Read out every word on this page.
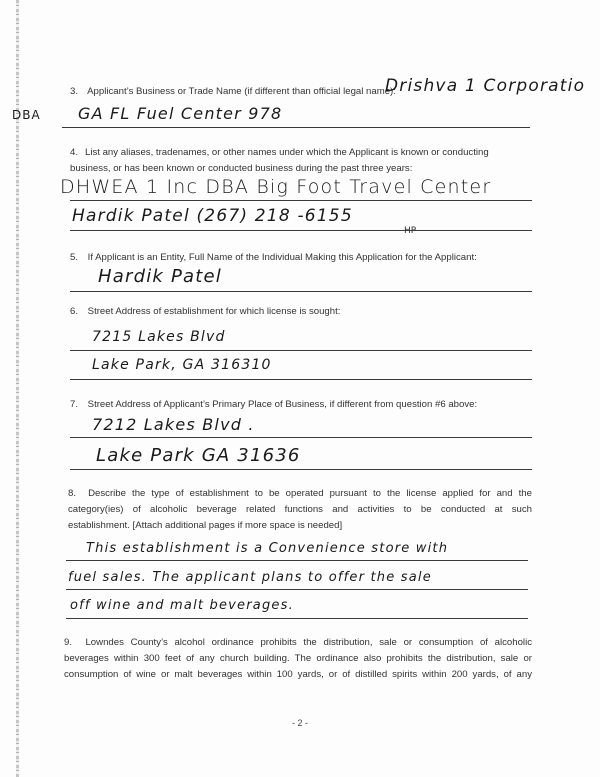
3. Applicant’s Business or Trade Name (if different than official legal name):
Drishva 1 Corporatio
DBA GA FL Fuel Center 978
4. List any aliases, tradenames, or other names under which the Applicant is known or conducting
business, or has been known or conducted business during the past three years:
DHWEA 1 Inc DBA Big Foot Travel Center
Hardik Patel (267) 218 -6155
HP
5. If Applicant is an Entity, Full Name of the Individual Making this Application for the Applicant:
Hardik Patel
6. Street Address of establishment for which license is sought:
7215 Lakes Blvd
Lake Park, GA 316310
7. Street Address of Applicant’s Primary Place of Business, if different from question #6 above:
7212 Lakes Blvd .
Lake Park GA 31636
8. Describe the type of establishment to be operated pursuant to the license applied for and the
category(ies) of alcoholic beverage related functions and activities to be conducted at such
establishment. [Attach additional pages if more space is needed]
This establishment is a Convenience store with
fuel sales. The applicant plans to offer the sale
off wine and malt beverages.
9. Lowndes County’s alcohol ordinance prohibits the distribution, sale or consumption of alcoholic
beverages within 300 feet of any church building. The ordinance also prohibits the distribution, sale or
consumption of wine or malt beverages within 100 yards, or of distilled spirits within 200 yards, of any
- 2 -
